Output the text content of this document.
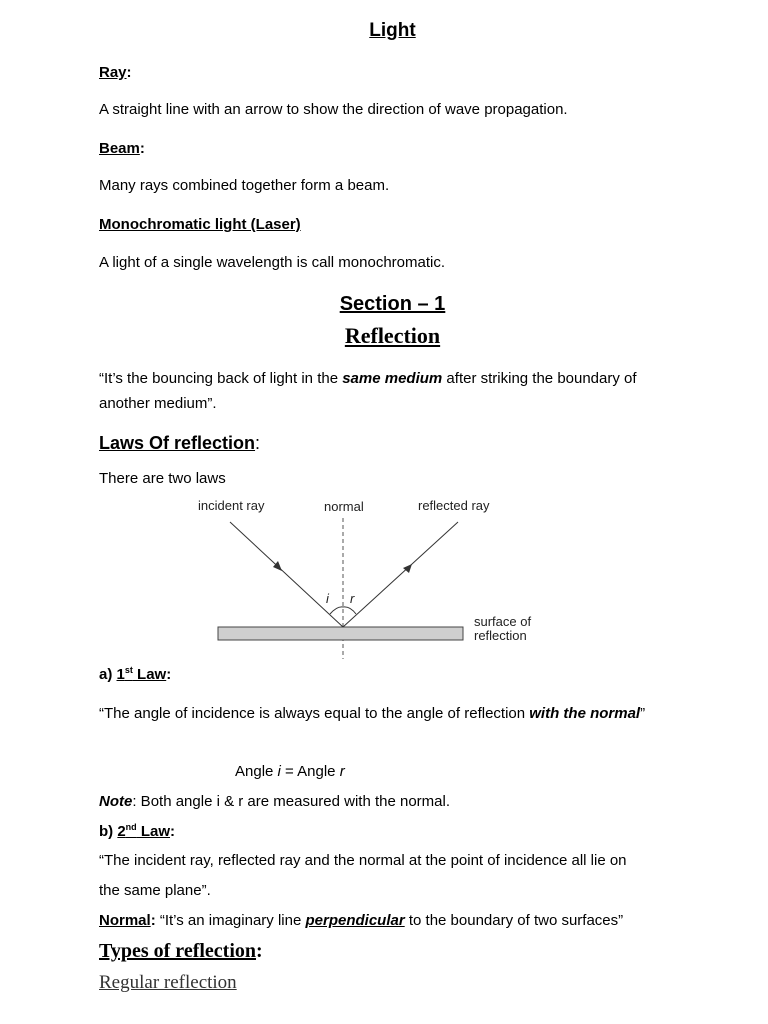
Light
Ray:
A straight line with an arrow to show the direction of wave propagation.
Beam:
Many rays combined together form a beam.
Monochromatic light (Laser)
A light of a single wavelength is call monochromatic.
Section – 1
Reflection
“It’s the bouncing back of light in the same medium after striking the boundary of
another medium”.
Laws Of reflection:
There are two laws
incident ray	normal	reflected ray
i r
surface of
reflection
a) 1st Law:
“The angle of incidence is always equal to the angle of reflection with the normal”
Angle i = Angle r
Note: Both angle i & r are measured with the normal.
b) 2nd Law:
“The incident ray, reflected ray and the normal at the point of incidence all lie on
the same plane”.
Normal: “It’s an imaginary line perpendicular to the boundary of two surfaces”
Types of reflection:
Regular reflection
